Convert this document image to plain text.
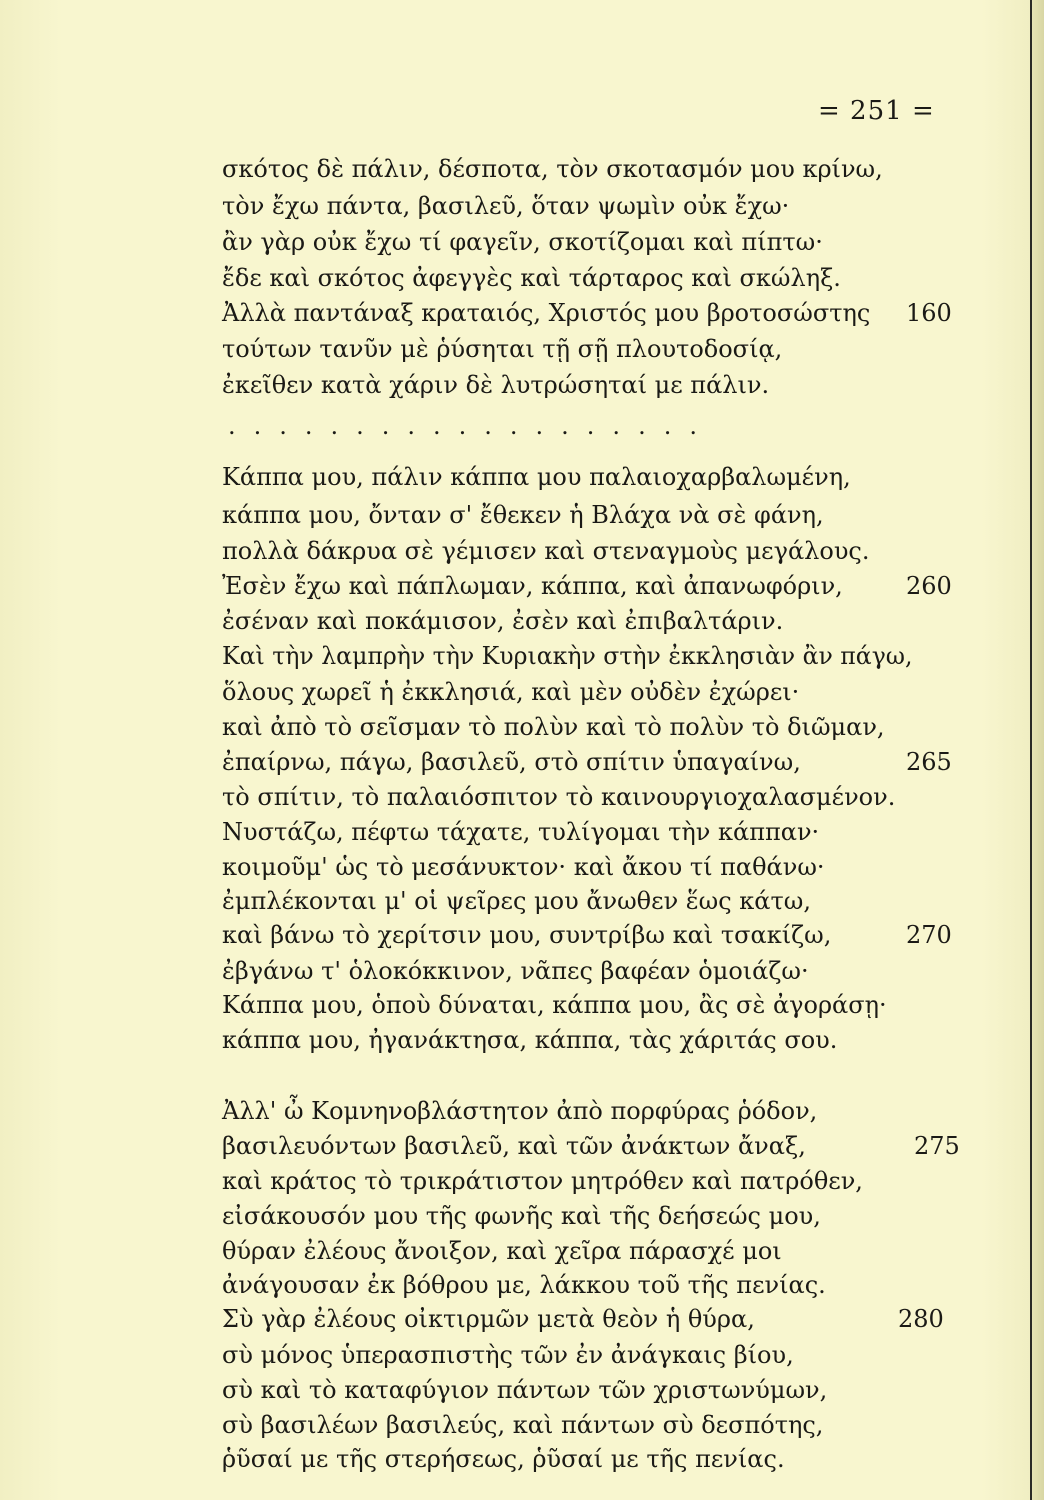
= 251 =
σκότος δὲ πάλιν, δέσποτα, τὸν σκοτασμόν μου κρίνω,
τὸν ἔχω πάντα, βασιλεῦ, ὅταν ψωμὶν οὐκ ἔχω·
ἂν γὰρ οὐκ ἔχω τί φαγεῖν, σκοτίζομαι καὶ πίπτω·
ἔδε καὶ σκότος ἀφεγγὲς καὶ τάρταρος καὶ σκώληξ.
Ἀλλὰ παντάναξ κραταιός, Χριστός μου βροτοσώστης 160
τούτων τανῦν μὲ ῥύσηται τῇ σῇ πλουτοδοσίᾳ,
ἐκεῖθεν κατὰ χάριν δὲ λυτρώσηταί με πάλιν.
...................
Κάππα μου, πάλιν κάππα μου παλαιοχαρβαλωμένη,
κάππα μου, ὄνταν σ' ἔθεκεν ἡ Βλάχα νὰ σὲ φάνη,
πολλὰ δάκρυα σὲ γέμισεν καὶ στεναγμοὺς μεγάλους.
Ἐσὲν ἔχω καὶ πάπλωμαν, κάππα, καὶ ἀπανωφόριν,	260
ἐσέναν καὶ ποκάμισον, ἐσὲν καὶ ἐπιβαλτάριν.
Καὶ τὴν λαμπρὴν τὴν Κυριακὴν στὴν ἐκκλησιὰν ἂν πάγω,
ὅλους χωρεῖ ἡ ἐκκλησιά, καὶ μὲν οὐδὲν ἐχώρει·
καὶ ἀπὸ τὸ σεῖσμαν τὸ πολὺν καὶ τὸ πολὺν τὸ διῶμαν,
ἐπαίρνω, πάγω, βασιλεῦ, στὸ σπίτιν ὑπαγαίνω,	265
τὸ σπίτιν, τὸ παλαιόσπιτον τὸ καινουργιοχαλασμένον.
Νυστάζω, πέφτω τάχατε, τυλίγομαι τὴν κάππαν·
κοιμοῦμ' ὡς τὸ μεσάνυκτον· καὶ ἄκου τί παθάνω·
ἐμπλέκονται μ' οἱ ψεῖρες μου ἄνωθεν ἕως κάτω,
καὶ βάνω τὸ χερίτσιν μου, συντρίβω καὶ τσακίζω,	270
ἐβγάνω τ' ὁλοκόκκινον, νᾶπες βαφέαν ὁμοιάζω·
Κάππα μου, ὁποὺ δύναται, κάππα μου, ἂς σὲ ἀγοράσῃ·
κάππα μου, ἠγανάκτησα, κάππα, τὰς χάριτάς σου.
Ἀλλ' ὦ Κομνηνοβλάστητον ἀπὸ πορφύρας ῥόδον,
βασιλευόντων βασιλεῦ, καὶ τῶν ἀνάκτων ἄναξ,	275
καὶ κράτος τὸ τρικράτιστον μητρόθεν καὶ πατρόθεν,
εἰσάκουσόν μου τῆς φωνῆς καὶ τῆς δεήσεώς μου,
θύραν ἐλέους ἄνοιξον, καὶ χεῖρα πάρασχέ μοι
ἀνάγουσαν ἐκ βόθρου με, λάκκου τοῦ τῆς πενίας.
Σὺ γὰρ ἐλέους οἰκτιρμῶν μετὰ θεὸν ἡ θύρα,	280
σὺ μόνος ὑπερασπιστὴς τῶν ἐν ἀνάγκαις βίου,
σὺ καὶ τὸ καταφύγιον πάντων τῶν χριστωνύμων,
σὺ βασιλέων βασιλεύς, καὶ πάντων σὺ δεσπότης,
ῥῦσαί με τῆς στερήσεως, ῥῦσαί με τῆς πενίας.
